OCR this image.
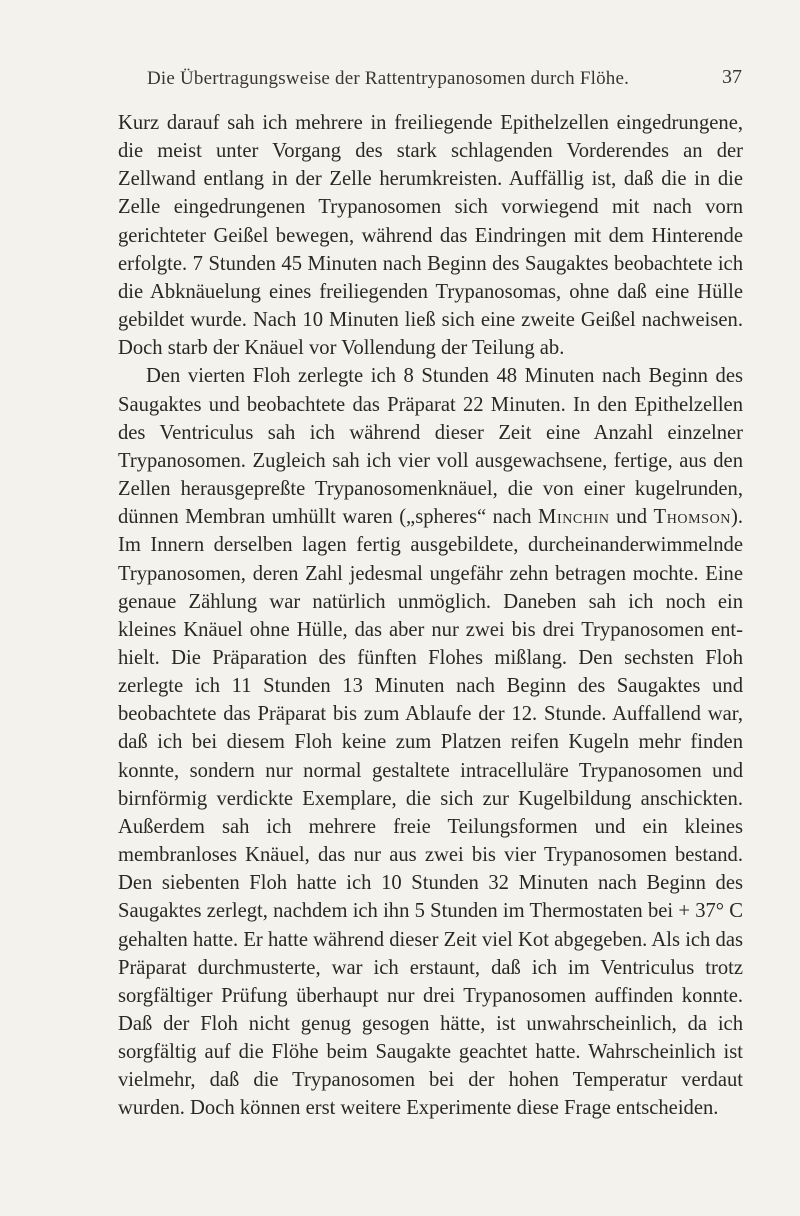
Die Übertragungsweise der Rattentrypanosomen durch Flöhe.	37

Kurz darauf sah ich mehrere in freiliegende Epithelzellen eingedrungene, die meist unter Vorgang des stark schlagenden Vorderendes an der Zellwand entlang in der Zelle herumkreisten. Auffällig ist, daß die in die Zelle eingedrungenen Trypanosomen sich vorwiegend mit nach vorn gerichteter Geißel bewegen, während das Eindringen mit dem Hinterende erfolgte. 7 Stunden 45 Minuten nach Beginn des Saugaktes beobachtete ich die Abknäuelung eines freiliegenden Trypanosomas, ohne daß eine Hülle gebildet wurde. Nach 10 Minuten ließ sich eine zweite Geißel nachweisen. Doch starb der Knäuel vor Vollendung der Teilung ab.

Den vierten Floh zerlegte ich 8 Stunden 48 Minuten nach Beginn des Saugaktes und beobachtete das Präparat 22 Minuten. In den Epithelzellen des Ventriculus sah ich während dieser Zeit eine Anzahl einzelner Trypanosomen. Zugleich sah ich vier voll ausgewachsene, fertige, aus den Zellen herausgepreßte Trypanosomenknäuel, die von einer kugelrunden, dünnen Membran umhüllt waren („spheres“ nach Minchin und Thomson). Im Innern derselben lagen fertig ausgebildete, durcheinanderwimmelnde Trypanosomen, deren Zahl jedesmal ungefähr zehn betragen mochte. Eine genaue Zählung war natürlich unmöglich. Daneben sah ich noch ein kleines Knäuel ohne Hülle, das aber nur zwei bis drei Trypanosomen enthielt. Die Präparation des fünften Flohes mißlang. Den sechsten Floh zerlegte ich 11 Stunden 13 Minuten nach Beginn des Saugaktes und beobachtete das Präparat bis zum Ablaufe der 12. Stunde. Auffallend war, daß ich bei diesem Floh keine zum Platzen reifen Kugeln mehr finden konnte, sondern nur normal gestaltete intracelluläre Trypanosomen und birnförmig verdickte Exemplare, die sich zur Kugelbildung anschickten. Außerdem sah ich mehrere freie Teilungsformen und ein kleines membranloses Knäuel, das nur aus zwei bis vier Trypanosomen bestand. Den siebenten Floh hatte ich 10 Stunden 32 Minuten nach Beginn des Saugaktes zerlegt, nachdem ich ihn 5 Stunden im Thermostaten bei + 37° C gehalten hatte. Er hatte während dieser Zeit viel Kot abgegeben. Als ich das Präparat durchmusterte, war ich erstaunt, daß ich im Ventriculus trotz sorgfältiger Prüfung überhaupt nur drei Trypanosomen auffinden konnte. Daß der Floh nicht genug gesogen hätte, ist unwahrscheinlich, da ich sorgfältig auf die Flöhe beim Saugakte geachtet hatte. Wahrscheinlich ist vielmehr, daß die Trypanosomen bei der hohen Temperatur verdaut wurden. Doch können erst weitere Experimente diese Frage entscheiden.
